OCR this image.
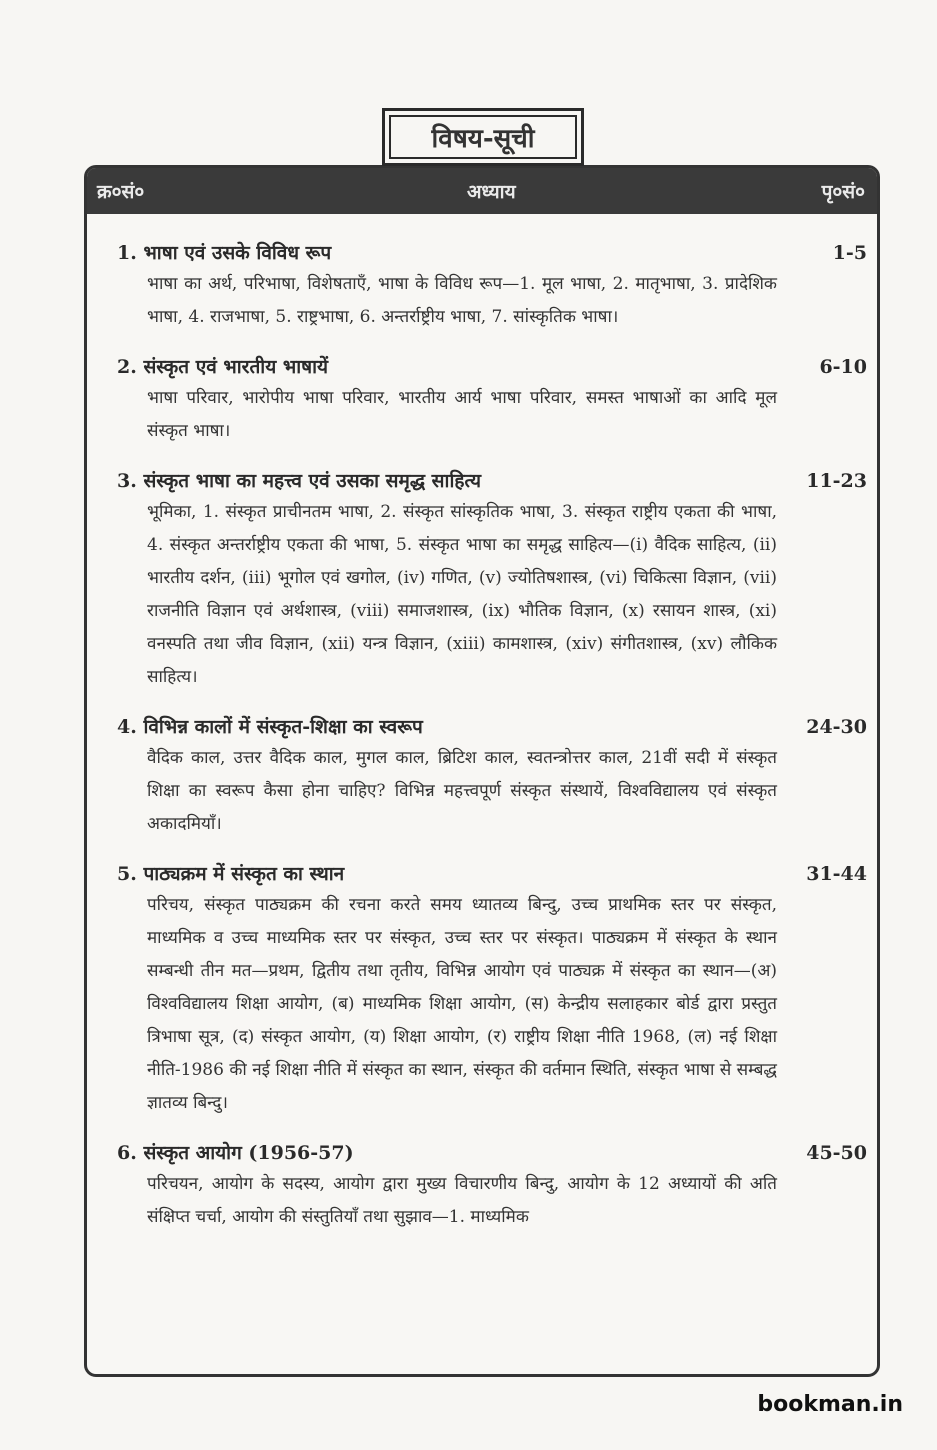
विषय-सूची
क्र०सं०	अध्याय	पृ०सं०
1. भाषा एवं उसके विविध रूप	1-5
भाषा का अर्थ, परिभाषा, विशेषताएँ, भाषा के विविध रूप—1. मूल भाषा, 2. मातृभाषा, 3. प्रादेशिक भाषा, 4. राजभाषा, 5. राष्ट्रभाषा, 6. अन्तर्राष्ट्रीय भाषा, 7. सांस्कृतिक भाषा।
2. संस्कृत एवं भारतीय भाषायें	6-10
भाषा परिवार, भारोपीय भाषा परिवार, भारतीय आर्य भाषा परिवार, समस्त भाषाओं का आदि मूल संस्कृत भाषा।
3. संस्कृत भाषा का महत्त्व एवं उसका समृद्ध साहित्य	11-23
भूमिका, 1. संस्कृत प्राचीनतम भाषा, 2. संस्कृत सांस्कृतिक भाषा, 3. संस्कृत राष्ट्रीय एकता की भाषा, 4. संस्कृत अन्तर्राष्ट्रीय एकता की भाषा, 5. संस्कृत भाषा का समृद्ध साहित्य—(i) वैदिक साहित्य, (ii) भारतीय दर्शन, (iii) भूगोल एवं खगोल, (iv) गणित, (v) ज्योतिषशास्त्र, (vi) चिकित्सा विज्ञान, (vii) राजनीति विज्ञान एवं अर्थशास्त्र, (viii) समाजशास्त्र, (ix) भौतिक विज्ञान, (x) रसायन शास्त्र, (xi) वनस्पति तथा जीव विज्ञान, (xii) यन्त्र विज्ञान, (xiii) कामशास्त्र, (xiv) संगीतशास्त्र, (xv) लौकिक साहित्य।
4. विभिन्न कालों में संस्कृत-शिक्षा का स्वरूप	24-30
वैदिक काल, उत्तर वैदिक काल, मुगल काल, ब्रिटिश काल, स्वतन्त्रोत्तर काल, 21वीं सदी में संस्कृत शिक्षा का स्वरूप कैसा होना चाहिए? विभिन्न महत्त्वपूर्ण संस्कृत संस्थायें, विश्वविद्यालय एवं संस्कृत अकादमियाँ।
5. पाठ्यक्रम में संस्कृत का स्थान	31-44
परिचय, संस्कृत पाठ्यक्रम की रचना करते समय ध्यातव्य बिन्दु, उच्च प्राथमिक स्तर पर संस्कृत, माध्यमिक व उच्च माध्यमिक स्तर पर संस्कृत, उच्च स्तर पर संस्कृत। पाठ्यक्रम में संस्कृत के स्थान सम्बन्धी तीन मत—प्रथम, द्वितीय तथा तृतीय, विभिन्न आयोग एवं पाठ्यक्र में संस्कृत का स्थान—(अ) विश्वविद्यालय शिक्षा आयोग, (ब) माध्यमिक शिक्षा आयोग, (स) केन्द्रीय सलाहकार बोर्ड द्वारा प्रस्तुत त्रिभाषा सूत्र, (द) संस्कृत आयोग, (य) शिक्षा आयोग, (र) राष्ट्रीय शिक्षा नीति 1968, (ल) नई शिक्षा नीति-1986 की नई शिक्षा नीति में संस्कृत का स्थान, संस्कृत की वर्तमान स्थिति, संस्कृत भाषा से सम्बद्ध ज्ञातव्य बिन्दु।
6. संस्कृत आयोग (1956-57)	45-50
परिचयन, आयोग के सदस्य, आयोग द्वारा मुख्य विचारणीय बिन्दु, आयोग के 12 अध्यायों की अति संक्षिप्त चर्चा, आयोग की संस्तुतियाँ तथा सुझाव—1. माध्यमिक
bookman.in
